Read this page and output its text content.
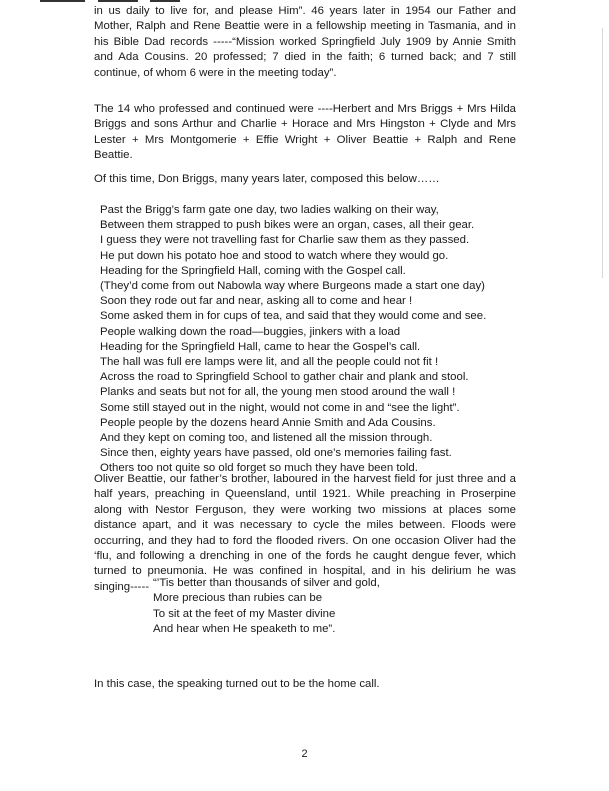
in us daily to live for, and please Him”. 46 years later in 1954 our Father and Mother, Ralph and Rene Beattie were in a fellowship meeting in Tasmania, and in his Bible Dad records -----“Mission worked Springfield July 1909 by Annie Smith and Ada Cousins. 20 professed; 7 died in the faith; 6 turned back; and 7 still continue, of whom 6 were in the meeting today”.

The 14 who professed and continued were ----Herbert and Mrs Briggs + Mrs Hilda Briggs and sons Arthur and Charlie + Horace and Mrs Hingston + Clyde and Mrs Lester + Mrs Montgomerie + Effie Wright + Oliver Beattie + Ralph and Rene Beattie.

Of this time, Don Briggs, many years later, composed this below……

Past the Brigg’s farm gate one day, two ladies walking on their way,
Between them strapped to push bikes were an organ, cases, all their gear.
I guess they were not travelling fast for Charlie saw them as they passed.
He put down his potato hoe and stood to watch where they would go.
Heading for the Springfield Hall, coming with the Gospel call.
(They’d come from out Nabowla way where Burgeons made a start one day)
Soon they rode out far and near, asking all to come and hear !
Some asked them in for cups of tea, and said that they would come and see.
People walking down the road—buggies, jinkers with a load
Heading for the Springfield Hall, came to hear the Gospel’s call.
The hall was full ere lamps were lit, and all the people could not fit !
Across the road to Springfield School to gather chair and plank and stool.
Planks and seats but not for all, the young men stood around the wall !
Some still stayed out in the night, would not come in and “see the light”.
People people by the dozens heard Annie Smith and Ada Cousins.
And they kept on coming too, and listened all the mission through.
Since then, eighty years have passed, old one’s memories failing fast.
Others too not quite so old forget so much they have been told.

Oliver Beattie, our father’s brother, laboured in the harvest field for just three and a half years, preaching in Queensland, until 1921. While preaching in Proserpine along with Nestor Ferguson, they were working two missions at places some distance apart, and it was necessary to cycle the miles between. Floods were occurring, and they had to ford the flooded rivers. On one occasion Oliver had the ‘flu, and following a drenching in one of the fords he caught dengue fever, which turned to pneumonia. He was confined in hospital, and in his delirium he was singing----- “’Tis better than thousands of silver and gold,
More precious than rubies can be
To sit at the feet of my Master divine
And hear when He speaketh to me”.

In this case, the speaking turned out to be the home call.

2
